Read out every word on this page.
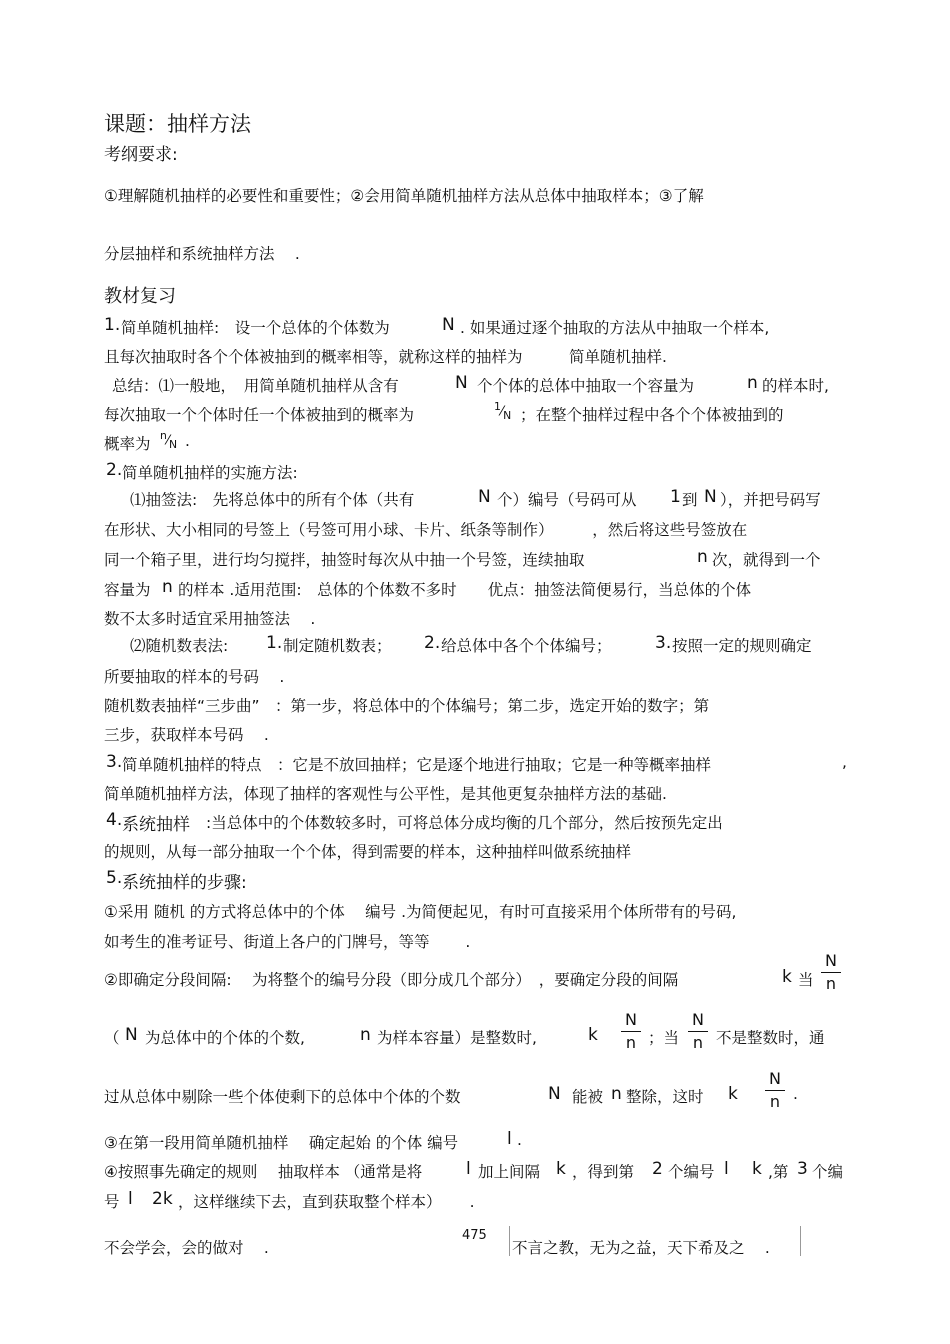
课题：抽样方法
考纲要求:
①理解随机抽样的必要性和重要性；②会用简单随机抽样方法从总体中抽取样本；③了解
分层抽样和系统抽样方法　 .
教材复习
1. 简单随机抽样:　设一个总体的个体数为	N . 如果通过逐个抽取的方法从中抽取一个样本,
且每次抽取时各个个体被抽到的概率相等，就称这样的抽样为　　　简单随机抽样.
总结：⑴一般地，　用简单随机抽样从含有	N 个个体的总体中抽取一个容量为	n 的样本时,
每次抽取一个个体时任一个体被抽到的概率为	$^1⁄_N$ ；在整个抽样过程中各个个体被抽到的
概率为 $^n⁄_N$ .
2. 简单随机抽样的实施方法:
⑴抽签法:　先将总体中的所有个体（共有	N 个）编号（号码可从 1 到 N ），并把号码写
在形状、大小相同的号签上（号签可用小球、卡片、纸条等制作）　　　，然后将这些号签放在
同一个箱子里，进行均匀搅拌，抽签时每次从中抽一个号签，连续抽取	n 次，就得到一个
容量为 n 的样本 .适用范围:　总体的个体数不多时　　优点：抽签法简便易行，当总体的个体
数不太多时适宜采用抽签法　 .
⑵随机数表法: 1. 制定随机数表； 2. 给总体中各个个体编号；	3. 按照一定的规则确定
所要抽取的样本的号码　 .
随机数表抽样“三步曲”　：第一步，将总体中的个体编号；第二步，选定开始的数字；第
三步，获取样本号码　 .
3. 简单随机抽样的特点　：它是不放回抽样；它是逐个地进行抽取；它是一种等概率抽样	,
简单随机抽样方法，体现了抽样的客观性与公平性，是其他更复杂抽样方法的基础.
4. 系统抽样 :当总体中的个体数较多时，可将总体分成均衡的几个部分，然后按预先定出
的规则，从每一部分抽取一个个体，得到需要的样本，这种抽样叫做系统抽样
5. 系统抽样的步骤:
①采用 随机 的方式将总体中的个体　 编号 .为简便起见，有时可直接采用个体所带有的号码,
如考生的准考证号、街道上各户的门牌号，等等　　 .
②即确定分段间隔:　 为将整个的编号分段（即分成几个部分）　，要确定分段的间隔	k 当
N
n
（ N 为总体中的个体的个数,　　 n 为样本容量）是整数时,	k
N
n ；当
N
n 不是整数时，通
过从总体中剔除一些个体使剩下的总体中个体的个数	N 能被 n 整除，这时 k
N
n .
③在第一段用简单随机抽样　 确定起始 的个体 编号	l .
④按照事先确定的规则　 抽取样本 （通常是将	l 加上间隔 k ，得到第 2 个编号 l k ,第 3 个编
号 l 2k ，这样继续下去，直到获取整个样本）　　 .
不会学会，会的做对　 .
475
不言之教，无为之益，天下希及之　 .
